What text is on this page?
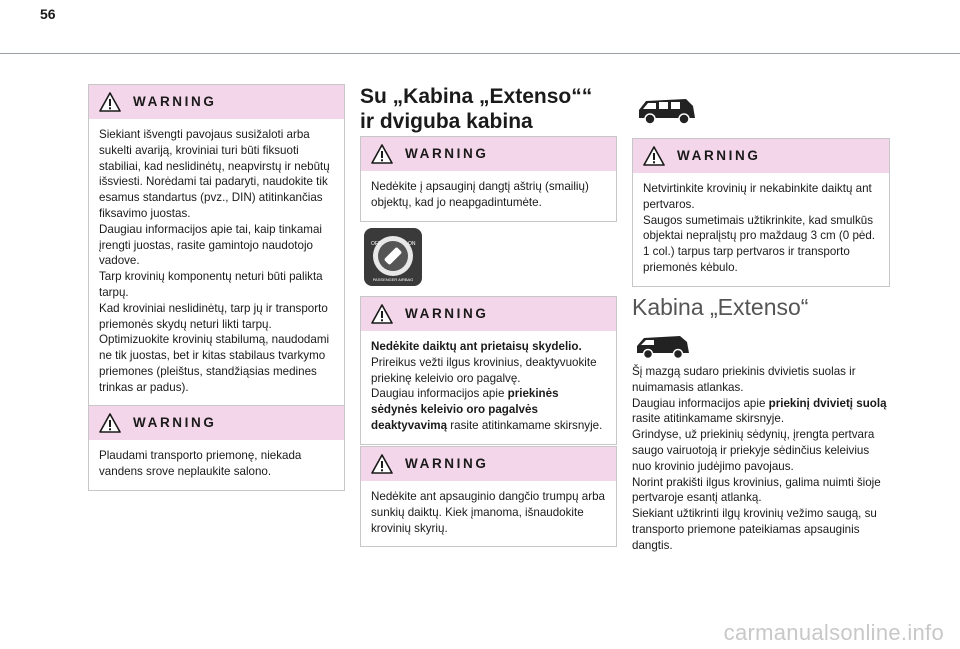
56
WARNING

Siekiant išvengti pavojaus susižaloti arba sukelti avariją, kroviniai turi būti fiksuoti stabiliai, kad neslidinėtų, neapvirstų ir nebūtų išsviesti. Norėdami tai padaryti, naudokite tik esamus standartus (pvz., DIN) atitinkančias fiksavimo juostas.

Daugiau informacijos apie tai, kaip tinkamai įrengti juostas, rasite gamintojo naudotojo vadove.

Tarp krovinių komponentų neturi būti palikta tarpų.

Kad kroviniai neslidinėtų, tarp jų ir transporto priemonės skydų neturi likti tarpų.

Optimizuokite krovinių stabilumą, naudodami ne tik juostas, bet ir kitas stabilaus tvarkymo priemones (pleištus, standžiąsias medines trinkas ar padus).

WARNING

Plaudami transporto priemonę, niekada vandens srove neplaukite salono.

Su „Kabina „Extenso““ ir dviguba kabina
WARNING

Nedėkite į apsauginį dangtį aštrių (smailių) objektų, kad jo neapgadintumėte.

OFF	ON
PASSENGER AIRBAG
WARNING

Nedėkite daiktų ant prietaisų skydelio.

Prireikus vežti ilgus krovinius, deaktyvuokite priekinę keleivio oro pagalvę.

Daugiau informacijos apie priekinės sėdynės keleivio oro pagalvės deaktyvavimą rasite atitinkamame skirsnyje.

WARNING

Nedėkite ant apsauginio dangčio trumpų arba sunkių daiktų. Kiek įmanoma, išnaudokite krovinių skyrių.

WARNING

Netvirtinkite krovinių ir nekabinkite daiktų ant pertvaros.

Saugos sumetimais užtikrinkite, kad smulkūs objektai nepralįstų pro maždaug 3 cm (0 pėd. 1 col.) tarpus tarp pertvaros ir transporto priemonės kėbulo.

Kabina „Extenso“

Šį mazgą sudaro priekinis dvivietis suolas ir nuimamasis atlankas.

Daugiau informacijos apie priekinį dvivietį suolą rasite atitinkamame skirsnyje.

Grindyse, už priekinių sėdynių, įrengta pertvara saugo vairuotoją ir priekyje sėdinčius keleivius nuo krovinio judėjimo pavojaus.

Norint prakišti ilgus krovinius, galima nuimti šioje pertvaroje esantį atlanką.

Siekiant užtikrinti ilgų krovinių vežimo saugą, su transporto priemone pateikiamas apsauginis dangtis.

carmanualsonline.info
